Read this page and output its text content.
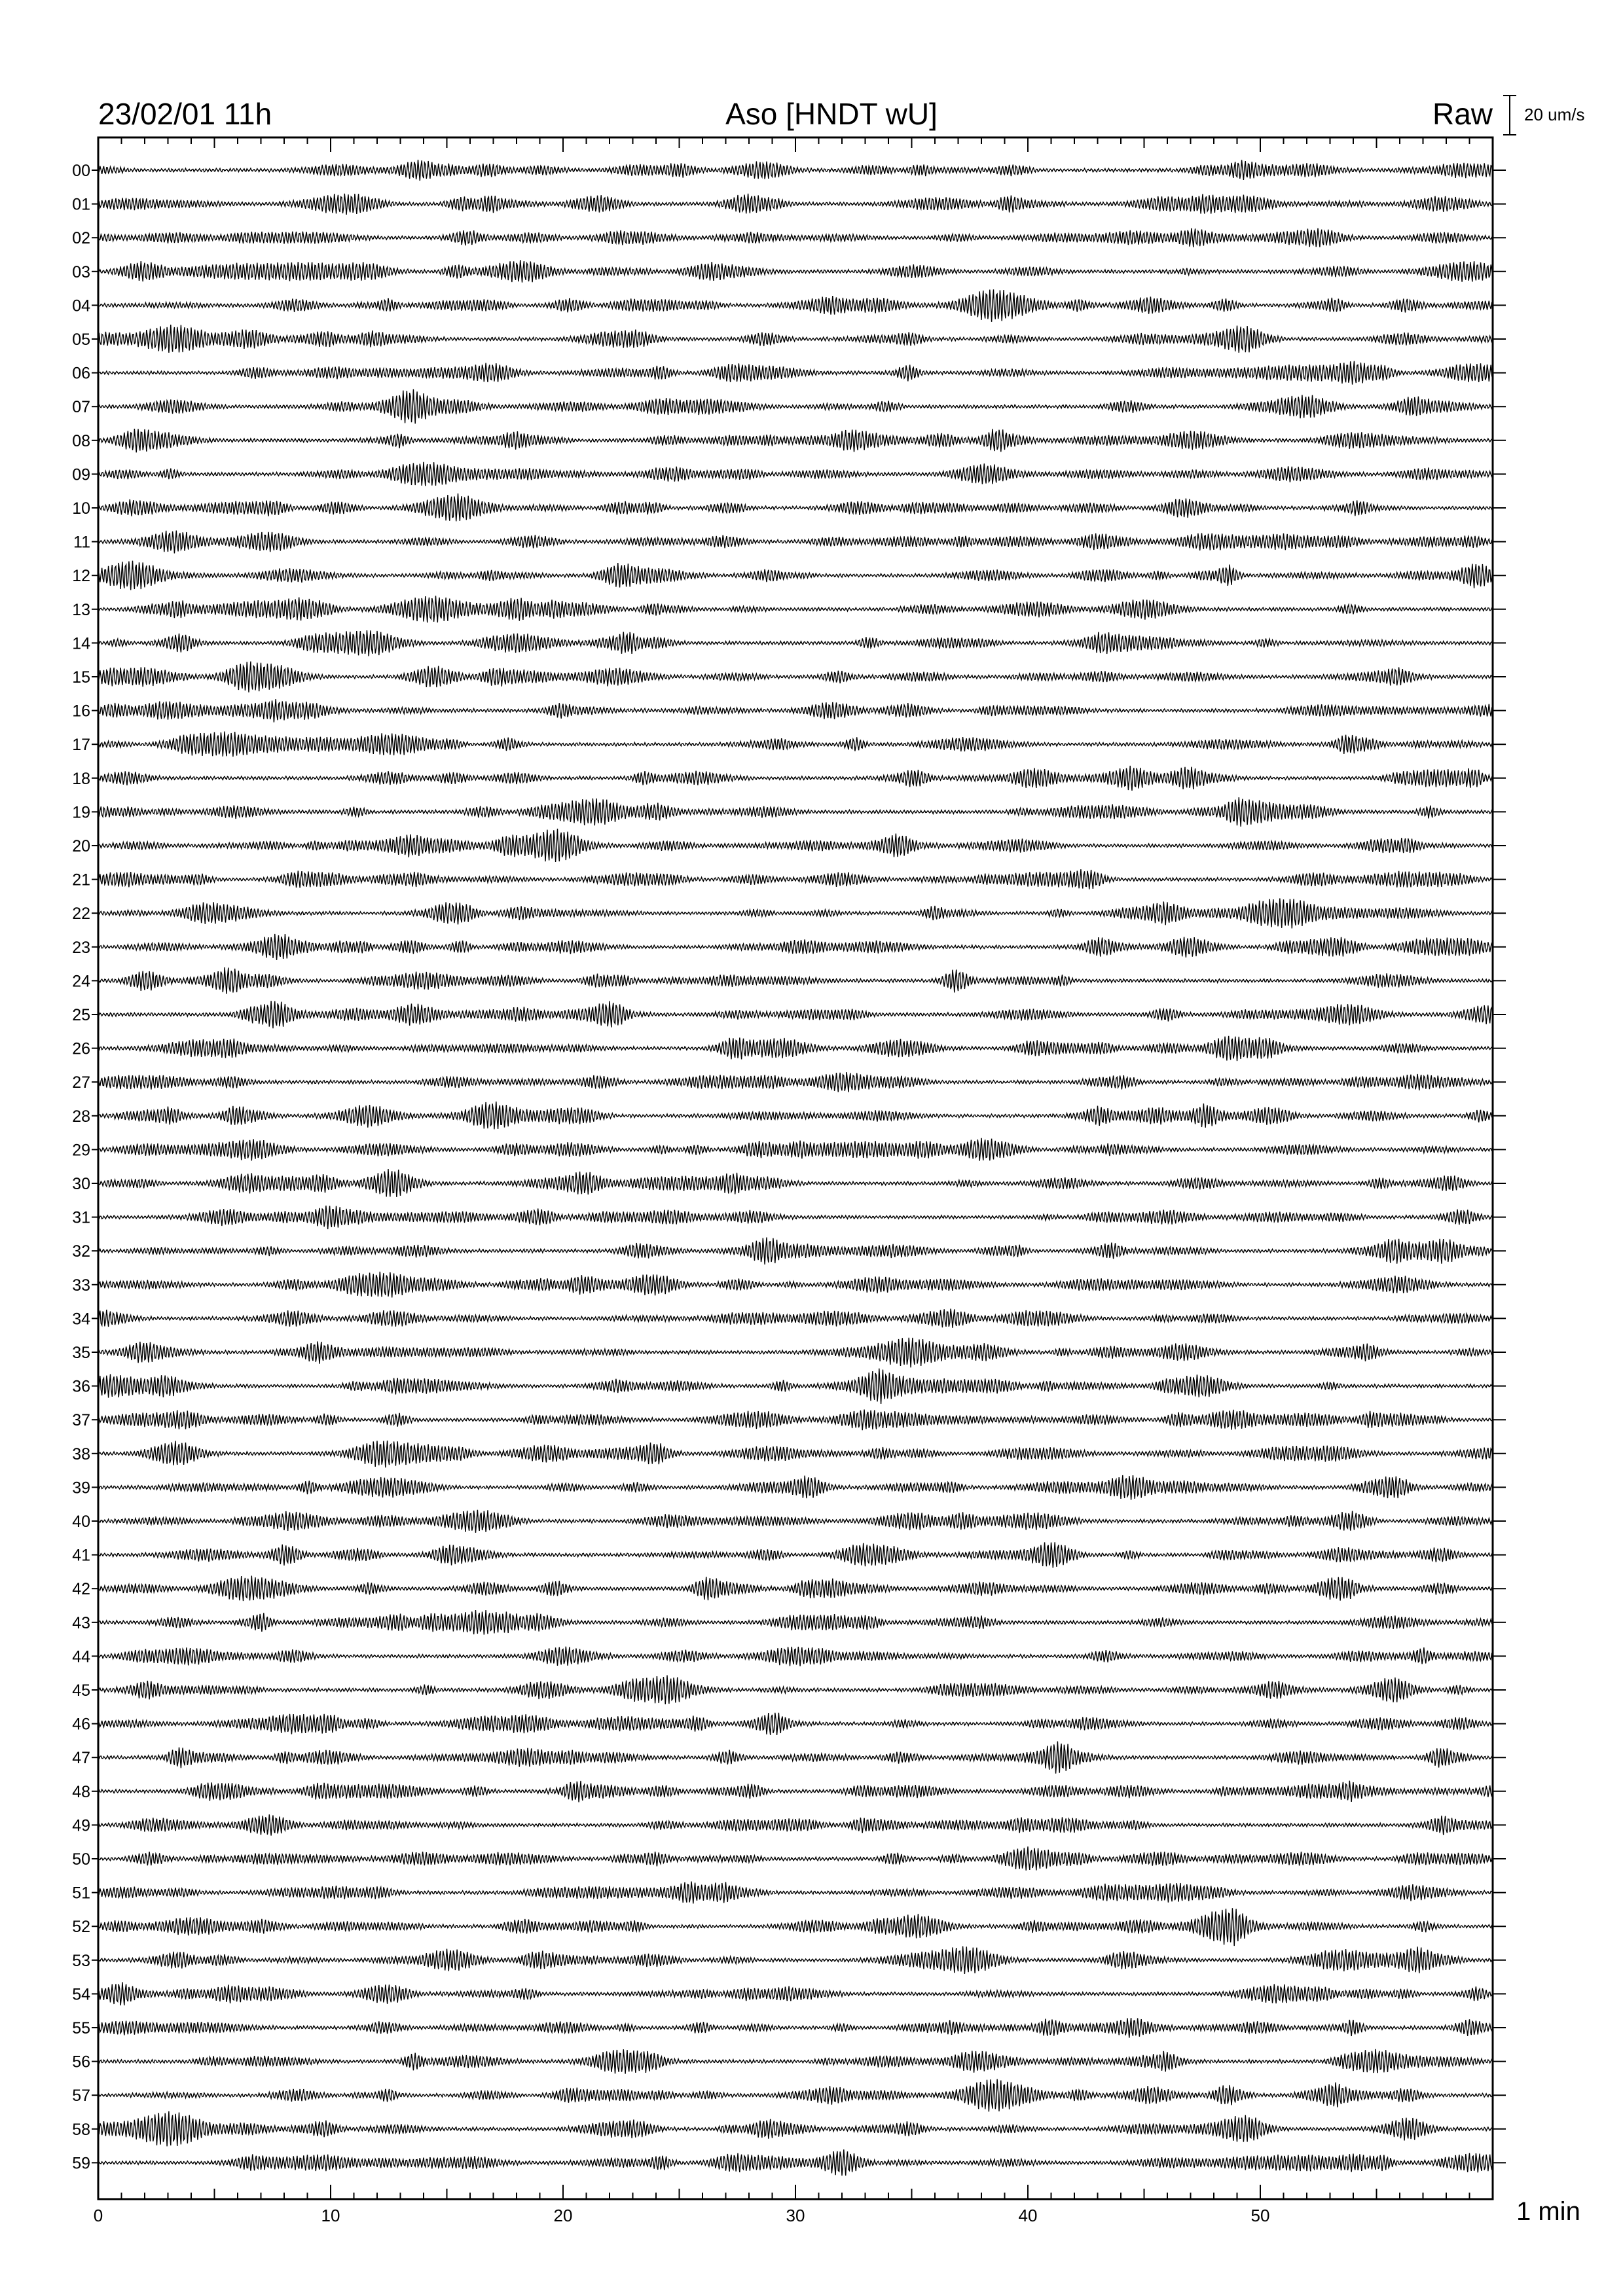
23/02/01 11h	Aso [HNDT wU]	Raw 20 um/s
0	10	20	30	40	50
00
01
02
03
04
05
06
07
08
09
10
11
12
13
14
15
16
17
18
19
20
21
22
23
24
25
26
27
28
29
30
31
32
33
34
35
36
37
38
39
40
41
42
43
44
45
46
47
48
49
50
51
52
53
54
55
56
57
58
59
1 min
